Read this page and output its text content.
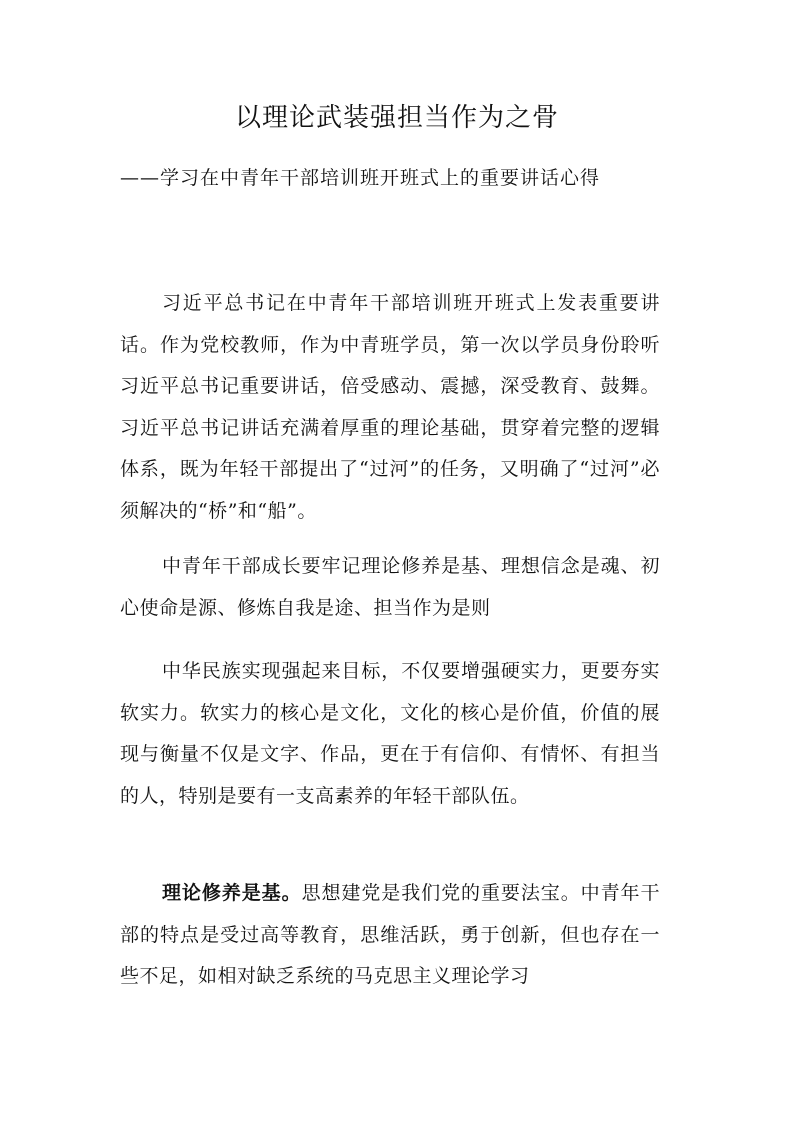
以理论武装强担当作为之骨

——学习在中青年干部培训班开班式上的重要讲话心得

习近平总书记在中青年干部培训班开班式上发表重要讲话。作为党校教师，作为中青班学员，第一次以学员身份聆听习近平总书记重要讲话，倍受感动、震撼，深受教育、鼓舞。习近平总书记讲话充满着厚重的理论基础，贯穿着完整的逻辑体系，既为年轻干部提出了“过河”的任务，又明确了“过河”必须解决的“桥”和“船”。

中青年干部成长要牢记理论修养是基、理想信念是魂、初心使命是源、修炼自我是途、担当作为是则

中华民族实现强起来目标，不仅要增强硬实力，更要夯实软实力。软实力的核心是文化，文化的核心是价值，价值的展现与衡量不仅是文字、作品，更在于有信仰、有情怀、有担当的人，特别是要有一支高素养的年轻干部队伍。

理论修养是基。思想建党是我们党的重要法宝。中青年干部的特点是受过高等教育，思维活跃，勇于创新，但也存在一些不足，如相对缺乏系统的马克思主义理论学习
